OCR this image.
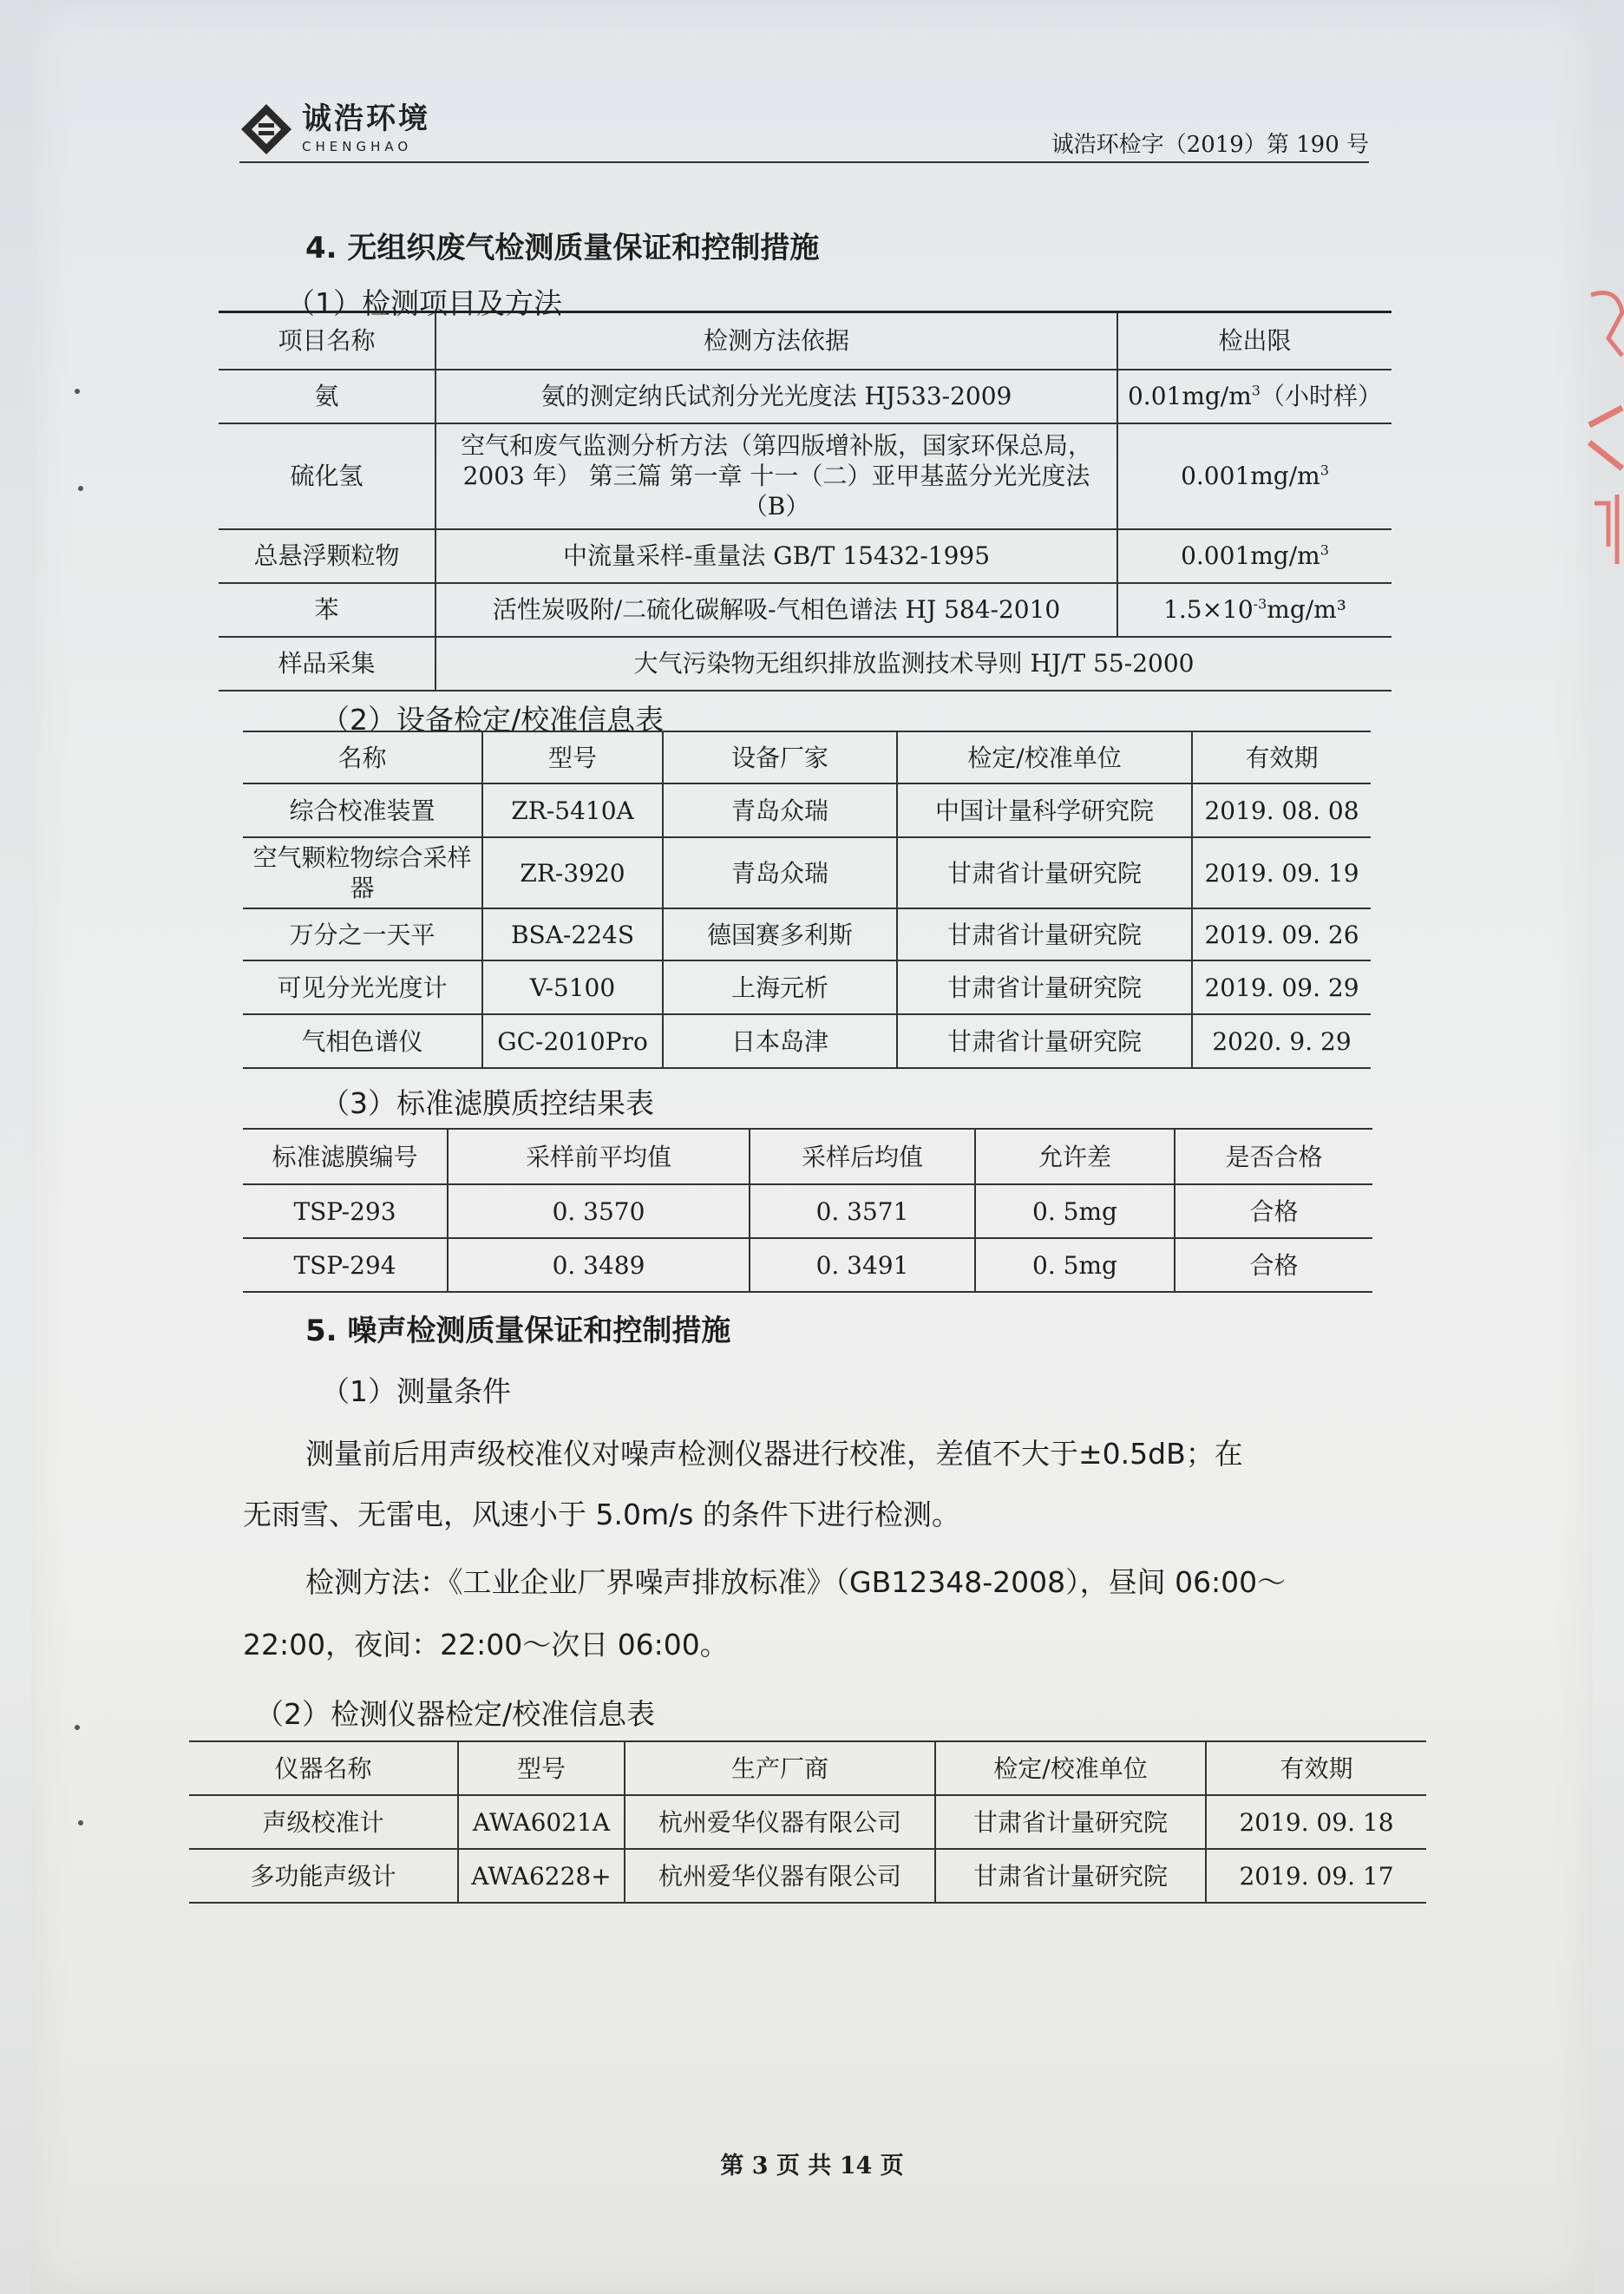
诚浩环境
CHENGHAO	诚浩环检字（2019）第 190 号
4. 无组织废气检测质量保证和控制措施
（1）检测项目及方法
项目名称	检测方法依据	检出限
氨	氨的测定纳氏试剂分光光度法 HJ533-2009	$0.01mg/m^3$（小时样）
硫化氢	空气和废气监测分析方法（第四版增补版，国家环保总局，2003 年） 第三篇 第一章 十一（二）亚甲基蓝分光光度法（B）	$0.001mg/m^3$
总悬浮颗粒物	中流量采样-重量法 GB/T 15432-1995	$0.001mg/m^3$
苯	活性炭吸附/二硫化碳解吸-气相色谱法 HJ 584-2010	$1.5\times 10^{-3}mg/m^3$
样品采集	大气污染物无组织排放监测技术导则 HJ/T 55-2000	
（2）设备检定/校准信息表
名称	型号	设备厂家	检定/校准单位	有效期
综合校准装置	ZR-5410A	青岛众瑞	中国计量科学研究院	2019. 08. 08
空气颗粒物综合采样器	ZR-3920	青岛众瑞	甘肃省计量研究院	2019. 09. 19
万分之一天平	BSA-224S	德国赛多利斯	甘肃省计量研究院	2019. 09. 26
可见分光光度计	V-5100	上海元析	甘肃省计量研究院	2019. 09. 29
气相色谱仪	GC-2010Pro	日本岛津	甘肃省计量研究院	2020. 9. 29
（3）标准滤膜质控结果表
标准滤膜编号	采样前平均值	采样后均值	允许差	是否合格
TSP-293	0. 3570	0. 3571	0. 5mg	合格
TSP-294	0. 3489	0. 3491	0. 5mg	合格
5. 噪声检测质量保证和控制措施
（1）测量条件
测量前后用声级校准仪对噪声检测仪器进行校准，差值不大于±0.5dB；在
无雨雪、无雷电，风速小于 5.0m/s 的条件下进行检测。
检测方法：《工业企业厂界噪声排放标准》（GB12348-2008），昼间 06:00～
22:00，夜间：22:00～次日 06:00。
（2）检测仪器检定/校准信息表
仪器名称	型号	生产厂商	检定/校准单位	有效期
声级校准计	AWA6021A	杭州爱华仪器有限公司	甘肃省计量研究院	2019. 09. 18
多功能声级计	AWA6228+	杭州爱华仪器有限公司	甘肃省计量研究院	2019. 09. 17
第 3 页 共 14 页
